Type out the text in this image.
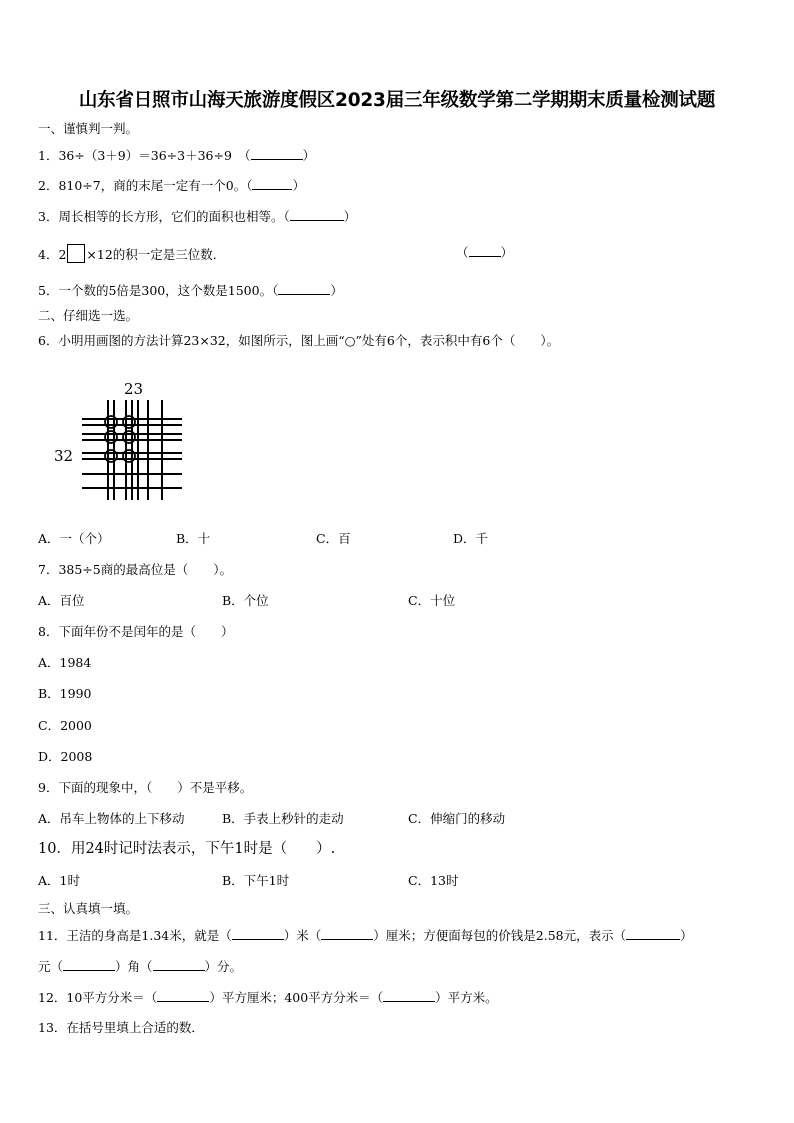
山东省日照市山海天旅游度假区2023届三年级数学第二学期期末质量检测试题
一、谨慎判一判。
1．36÷（3＋9）＝36÷3＋36÷9　（	）
2．810÷7，商的末尾一定有一个0。（	）
3．周长相等的长方形，它们的面积也相等。（	）
4．2 ×12的积一定是三位数．	（	）
5．一个数的5倍是300，这个数是1500。（	）
二、仔细选一选。
6．小明用画图的方法计算23×32，如图所示，图上画“○”处有6个，表示积中有6个（　　）。
23
32
A．一（个）	B．十	C．百	D．千
7．385÷5商的最高位是（　　）。
A．百位	B．个位	C．十位
8．下面年份不是闰年的是（　　）
A．1984
B．1990
C．2000
D．2008
9．下面的现象中，（　　）不是平移。
A．吊车上物体的上下移动	B．手表上秒针的走动	C．伸缩门的移动
10．用24时记时法表示，下午1时是（　　）.
A．1时	B．下午1时	C．13时
三、认真填一填。
11．王洁的身高是1.34米，就是（	）米（	）厘米；方便面每包的价钱是2.58元，表示（	）
元（	）角（	）分。
12．10平方分米＝（	）平方厘米；400平方分米＝（	）平方米。
13．在括号里填上合适的数．
